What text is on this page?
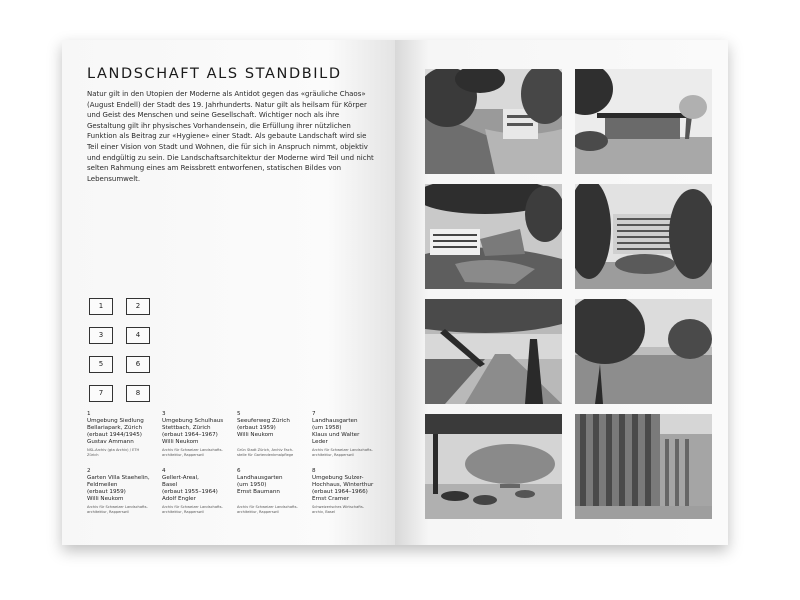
LANDSCHAFT ALS STANDBILD

Natur gilt in den Utopien der Moderne als Antidot gegen das «gräuliche Chaos» (August Endell) der Stadt des 19. Jahrhunderts. Natur gilt als heilsam für Körper und Geist des Menschen und seine Gesellschaft. Wichtiger noch als ihre Gestaltung gilt ihr physisches Vorhandensein, die Erfüllung ihrer nützlichen Funktion als Beitrag zur «Hygiene» einer Stadt. Als gebaute Landschaft wird sie Teil einer Vision von Stadt und Wohnen, die für sich in Anspruch nimmt, objektiv und endgültig zu sein. Die Landschaftsarchitektur der Moderne wird Teil und nicht selten Rahmung eines am Reissbrett entworfenen, statischen Bildes von Lebensumwelt.

1	2
3	4
5	6
7	8
1
Umgebung Siedlung
Bellariapark, Zürich
(erbaut 1944/1945)
Gustav Ammann
NSL-Archiv (gta Archiv) / ETH
Zürich
3
Umgebung Schulhaus
Stettbach, Zürich
(erbaut 1964–1967)
Willi Neukom
Archiv für Schweizer Landschafts-
architektur, Rapperswil
5
Seeuferweg Zürich
(erbaut 1959)
Willi Neukom
Grün Stadt Zürich, Archiv Fach-
stelle für Gartendenkmalpflege
7
Landhausgarten
(um 1958)
Klaus und Walter
Leder
Archiv für Schweizer Landschafts-
architektur, Rapperswil
2
Garten Villa Staehelin,
Feldmeilen
(erbaut 1959)
Willi Neukom
Archiv für Schweizer Landschafts-
architektur, Rapperswil
4
Gellert-Areal,
Basel
(erbaut 1955–1964)
Adolf Engler
Archiv für Schweizer Landschafts-
architektur, Rapperswil
6
Landhausgarten
(um 1950)
Ernst Baumann
Archiv für Schweizer Landschafts-
architektur, Rapperswil
8
Umgebung Sulzer-
Hochhaus, Winterthur
(erbaut 1964–1966)
Ernst Cramer
Schweizerisches Wirtschafts-
archiv, Basel
